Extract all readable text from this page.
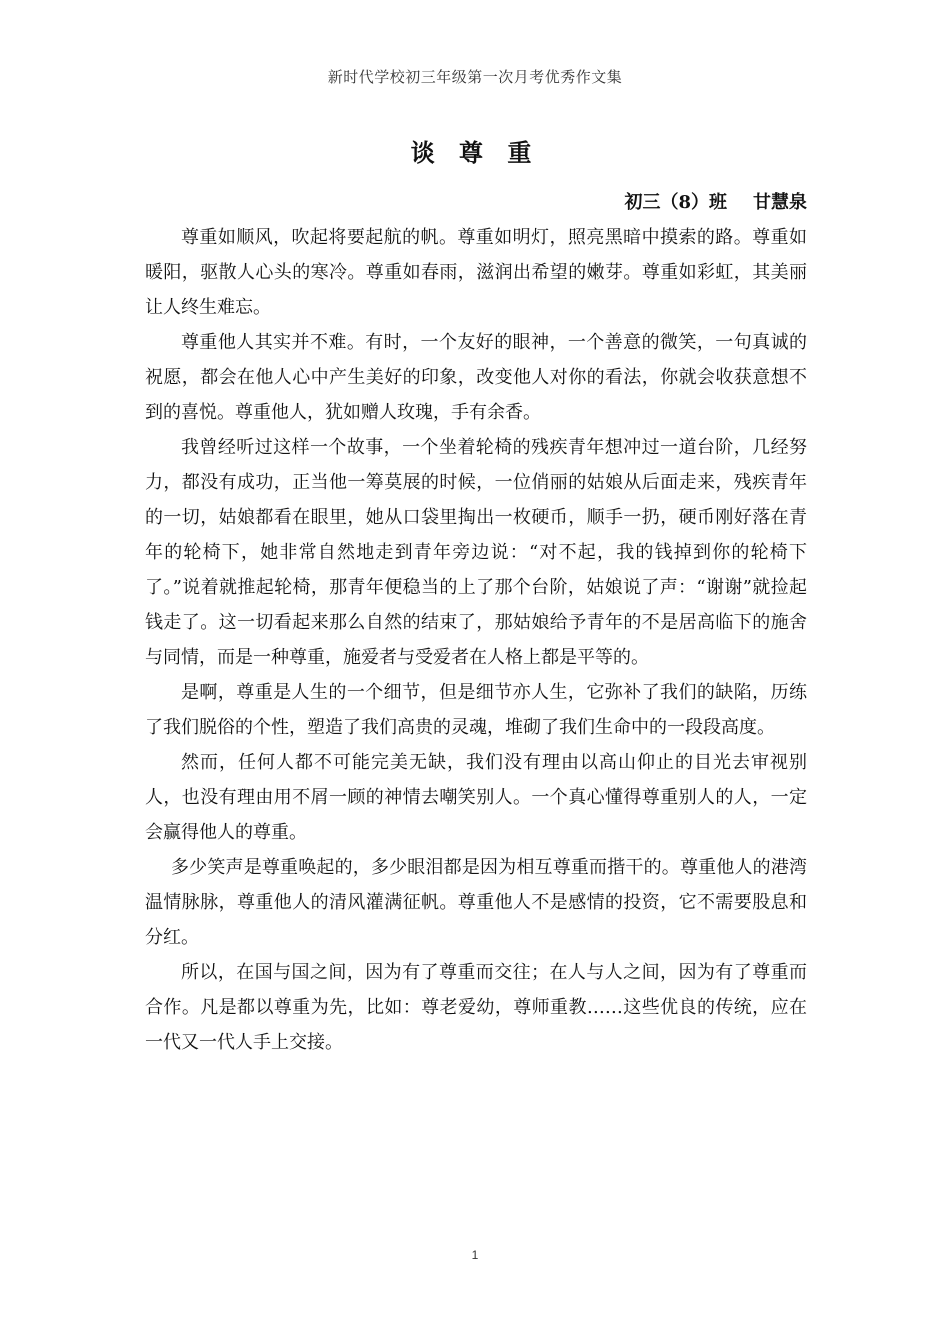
新时代学校初三年级第一次月考优秀作文集
谈 尊 重
初三（8）班 甘慧泉

尊重如顺风，吹起将要起航的帆。尊重如明灯，照亮黑暗中摸索的路。尊重如暖阳，驱散人心头的寒冷。尊重如春雨，滋润出希望的嫩芽。尊重如彩虹，其美丽让人终生难忘。

尊重他人其实并不难。有时，一个友好的眼神，一个善意的微笑，一句真诚的祝愿，都会在他人心中产生美好的印象，改变他人对你的看法，你就会收获意想不到的喜悦。尊重他人，犹如赠人玫瑰，手有余香。

我曾经听过这样一个故事，一个坐着轮椅的残疾青年想冲过一道台阶，几经努力，都没有成功，正当他一筹莫展的时候，一位俏丽的姑娘从后面走来，残疾青年的一切，姑娘都看在眼里，她从口袋里掏出一枚硬币，顺手一扔，硬币刚好落在青年的轮椅下，她非常自然地走到青年旁边说：“对不起，我的钱掉到你的轮椅下了。”说着就推起轮椅，那青年便稳当的上了那个台阶，姑娘说了声：“谢谢”就捡起钱走了。这一切看起来那么自然的结束了，那姑娘给予青年的不是居高临下的施舍与同情，而是一种尊重，施爱者与受爱者在人格上都是平等的。

是啊，尊重是人生的一个细节，但是细节亦人生，它弥补了我们的缺陷，历练了我们脱俗的个性，塑造了我们高贵的灵魂，堆砌了我们生命中的一段段高度。

然而，任何人都不可能完美无缺，我们没有理由以高山仰止的目光去审视别人，也没有理由用不屑一顾的神情去嘲笑别人。一个真心懂得尊重别人的人，一定会赢得他人的尊重。

多少笑声是尊重唤起的，多少眼泪都是因为相互尊重而揩干的。尊重他人的港湾温情脉脉，尊重他人的清风灌满征帆。尊重他人不是感情的投资，它不需要股息和分红。

所以，在国与国之间，因为有了尊重而交往；在人与人之间，因为有了尊重而合作。凡是都以尊重为先，比如：尊老爱幼，尊师重教……这些优良的传统，应在一代又一代人手上交接。

1
